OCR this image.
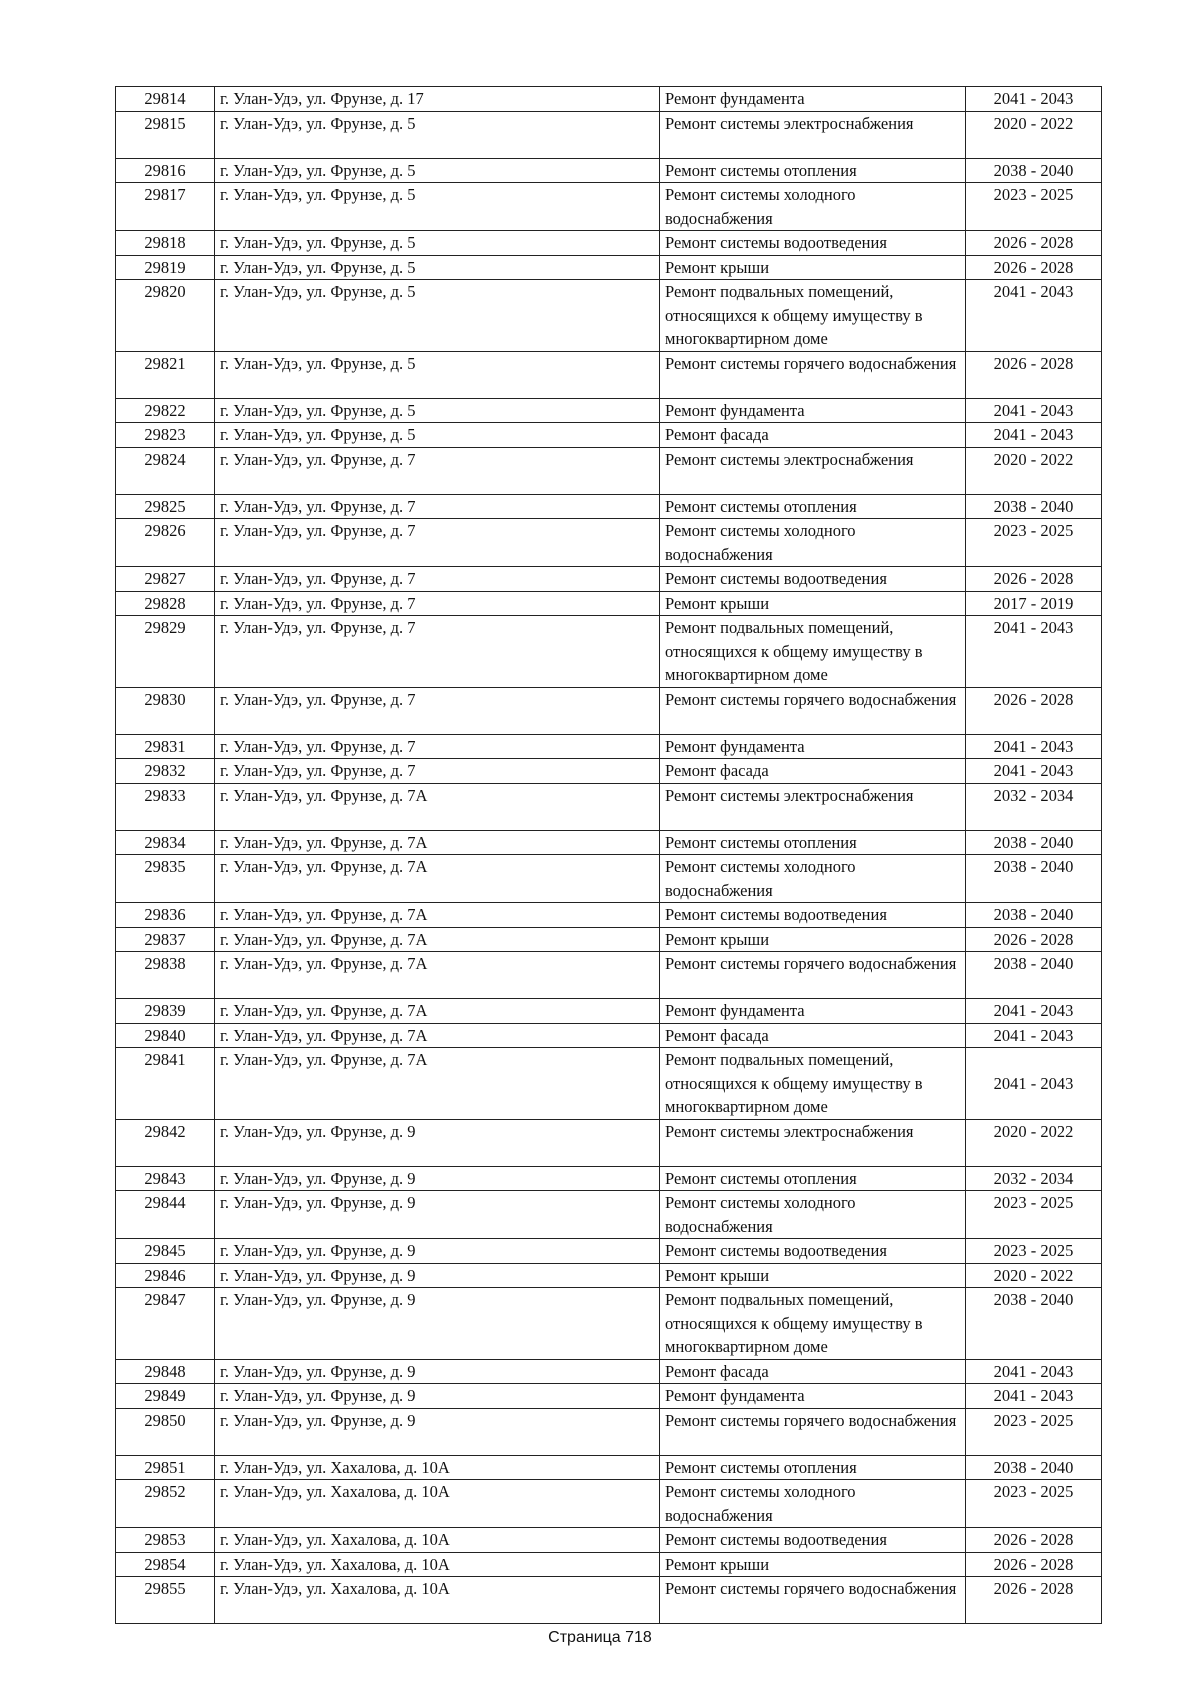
29814	г. Улан-Удэ, ул. Фрунзе, д. 17	Ремонт фундамента	2041 - 2043
29815	г. Улан-Удэ, ул. Фрунзе, д. 5	Ремонт системы электроснабжения	2020 - 2022
29816	г. Улан-Удэ, ул. Фрунзе, д. 5	Ремонт системы отопления	2038 - 2040
29817	г. Улан-Удэ, ул. Фрунзе, д. 5	Ремонт системы холодного водоснабжения	2023 - 2025
29818	г. Улан-Удэ, ул. Фрунзе, д. 5	Ремонт системы водоотведения	2026 - 2028
29819	г. Улан-Удэ, ул. Фрунзе, д. 5	Ремонт крыши	2026 - 2028
29820	г. Улан-Удэ, ул. Фрунзе, д. 5	Ремонт подвальных помещений, относящихся к общему имуществу в многоквартирном доме	2041 - 2043
29821	г. Улан-Удэ, ул. Фрунзе, д. 5	Ремонт системы горячего водоснабжения	2026 - 2028
29822	г. Улан-Удэ, ул. Фрунзе, д. 5	Ремонт фундамента	2041 - 2043
29823	г. Улан-Удэ, ул. Фрунзе, д. 5	Ремонт фасада	2041 - 2043
29824	г. Улан-Удэ, ул. Фрунзе, д. 7	Ремонт системы электроснабжения	2020 - 2022
29825	г. Улан-Удэ, ул. Фрунзе, д. 7	Ремонт системы отопления	2038 - 2040
29826	г. Улан-Удэ, ул. Фрунзе, д. 7	Ремонт системы холодного водоснабжения	2023 - 2025
29827	г. Улан-Удэ, ул. Фрунзе, д. 7	Ремонт системы водоотведения	2026 - 2028
29828	г. Улан-Удэ, ул. Фрунзе, д. 7	Ремонт крыши	2017 - 2019
29829	г. Улан-Удэ, ул. Фрунзе, д. 7	Ремонт подвальных помещений, относящихся к общему имуществу в многоквартирном доме	2041 - 2043
29830	г. Улан-Удэ, ул. Фрунзе, д. 7	Ремонт системы горячего водоснабжения	2026 - 2028
29831	г. Улан-Удэ, ул. Фрунзе, д. 7	Ремонт фундамента	2041 - 2043
29832	г. Улан-Удэ, ул. Фрунзе, д. 7	Ремонт фасада	2041 - 2043
29833	г. Улан-Удэ, ул. Фрунзе, д. 7А	Ремонт системы электроснабжения	2032 - 2034
29834	г. Улан-Удэ, ул. Фрунзе, д. 7А	Ремонт системы отопления	2038 - 2040
29835	г. Улан-Удэ, ул. Фрунзе, д. 7А	Ремонт системы холодного водоснабжения	2038 - 2040
29836	г. Улан-Удэ, ул. Фрунзе, д. 7А	Ремонт системы водоотведения	2038 - 2040
29837	г. Улан-Удэ, ул. Фрунзе, д. 7А	Ремонт крыши	2026 - 2028
29838	г. Улан-Удэ, ул. Фрунзе, д. 7А	Ремонт системы горячего водоснабжения	2038 - 2040
29839	г. Улан-Удэ, ул. Фрунзе, д. 7А	Ремонт фундамента	2041 - 2043
29840	г. Улан-Удэ, ул. Фрунзе, д. 7А	Ремонт фасада	2041 - 2043
29841	г. Улан-Удэ, ул. Фрунзе, д. 7А	Ремонт подвальных помещений, относящихся к общему имуществу в многоквартирном доме	2041 - 2043
29842	г. Улан-Удэ, ул. Фрунзе, д. 9	Ремонт системы электроснабжения	2020 - 2022
29843	г. Улан-Удэ, ул. Фрунзе, д. 9	Ремонт системы отопления	2032 - 2034
29844	г. Улан-Удэ, ул. Фрунзе, д. 9	Ремонт системы холодного водоснабжения	2023 - 2025
29845	г. Улан-Удэ, ул. Фрунзе, д. 9	Ремонт системы водоотведения	2023 - 2025
29846	г. Улан-Удэ, ул. Фрунзе, д. 9	Ремонт крыши	2020 - 2022
29847	г. Улан-Удэ, ул. Фрунзе, д. 9	Ремонт подвальных помещений, относящихся к общему имуществу в многоквартирном доме	2038 - 2040
29848	г. Улан-Удэ, ул. Фрунзе, д. 9	Ремонт фасада	2041 - 2043
29849	г. Улан-Удэ, ул. Фрунзе, д. 9	Ремонт фундамента	2041 - 2043
29850	г. Улан-Удэ, ул. Фрунзе, д. 9	Ремонт системы горячего водоснабжения	2023 - 2025
29851	г. Улан-Удэ, ул. Хахалова, д. 10А	Ремонт системы отопления	2038 - 2040
29852	г. Улан-Удэ, ул. Хахалова, д. 10А	Ремонт системы холодного водоснабжения	2023 - 2025
29853	г. Улан-Удэ, ул. Хахалова, д. 10А	Ремонт системы водоотведения	2026 - 2028
29854	г. Улан-Удэ, ул. Хахалова, д. 10А	Ремонт крыши	2026 - 2028
29855	г. Улан-Удэ, ул. Хахалова, д. 10А	Ремонт системы горячего водоснабжения	2026 - 2028
Страница 718
